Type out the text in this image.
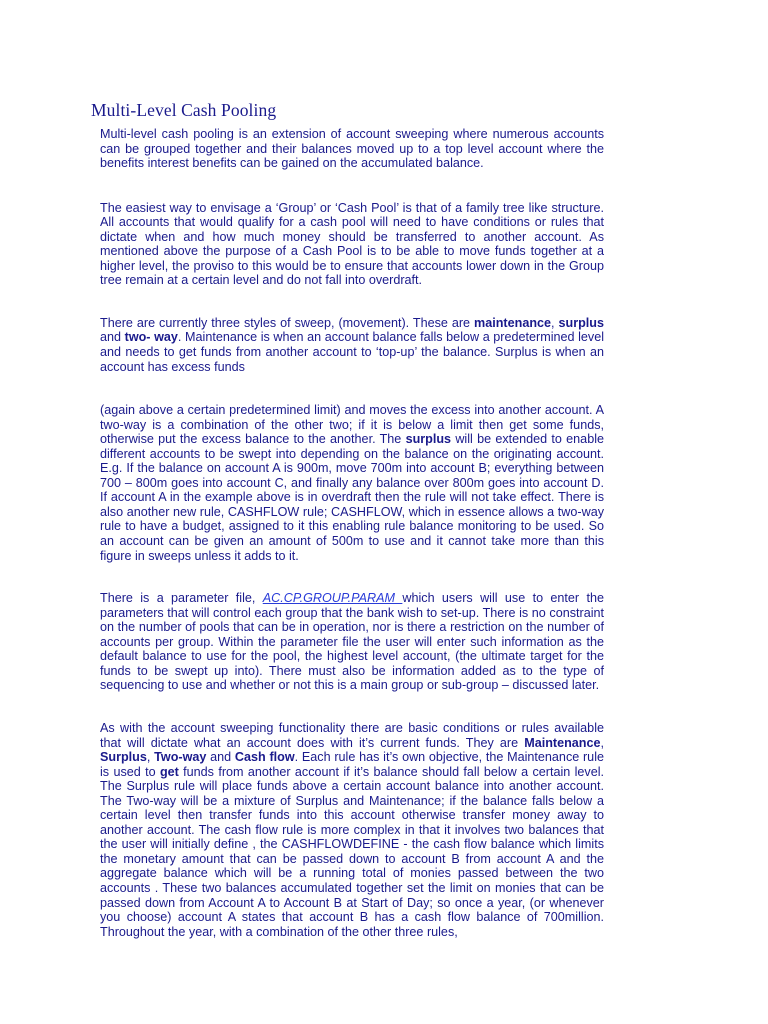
Multi-Level Cash Pooling

Multi-level cash pooling is an extension of account sweeping where numerous accounts can be grouped together and their balances moved up to a top level account where the benefits interest benefits can be gained on the accumulated balance.

The easiest way to envisage a ‘Group’ or ‘Cash Pool’ is that of a family tree like structure. All accounts that would qualify for a cash pool will need to have conditions or rules that dictate when and how much money should be transferred to another account. As mentioned above the purpose of a Cash Pool is to be able to move funds together at a higher level, the proviso to this would be to ensure that accounts lower down in the Group tree remain at a certain level and do not fall into overdraft.

There are currently three styles of sweep, (movement). These are maintenance, surplus and two- way. Maintenance is when an account balance falls below a predetermined level and needs to get funds from another account to ‘top-up’ the balance. Surplus is when an account has excess funds

(again above a certain predetermined limit) and moves the excess into another account. A two-way is a combination of the other two; if it is below a limit then get some funds, otherwise put the excess balance to the another. The surplus will be extended to enable different accounts to be swept into depending on the balance on the originating account. E.g. If the balance on account A is 900m, move 700m into account B; everything between 700 – 800m goes into account C, and finally any balance over 800m goes into account D. If account A in the example above is in overdraft then the rule will not take effect. There is also another new rule, CASHFLOW rule; CASHFLOW, which in essence allows a two-way rule to have a budget, assigned to it this enabling rule balance monitoring to be used. So an account can be given an amount of 500m to use and it cannot take more than this figure in sweeps unless it adds to it.

There is a parameter file, AC.CP.GROUP.PARAM which users will use to enter the parameters that will control each group that the bank wish to set-up. There is no constraint on the number of pools that can be in operation, nor is there a restriction on the number of accounts per group. Within the parameter file the user will enter such information as the default balance to use for the pool, the highest level account, (the ultimate target for the funds to be swept up into). There must also be information added as to the type of sequencing to use and whether or not this is a main group or sub-group – discussed later.

As with the account sweeping functionality there are basic conditions or rules available that will dictate what an account does with it’s current funds. They are Maintenance, Surplus, Two-way and Cash flow. Each rule has it’s own objective, the Maintenance rule is used to get funds from another account if it’s balance should fall below a certain level. The Surplus rule will place funds above a certain account balance into another account. The Two-way will be a mixture of Surplus and Maintenance; if the balance falls below a certain level then transfer funds into this account otherwise transfer money away to another account. The cash flow rule is more complex in that it involves two balances that the user will initially define , the CASHFLOWDEFINE - the cash flow balance which limits the monetary amount that can be passed down to account B from account A and the aggregate balance which will be a running total of monies passed between the two accounts . These two balances accumulated together set the limit on monies that can be passed down from Account A to Account B at Start of Day; so once a year, (or whenever you choose) account A states that account B has a cash flow balance of 700million. Throughout the year, with a combination of the other three rules,
